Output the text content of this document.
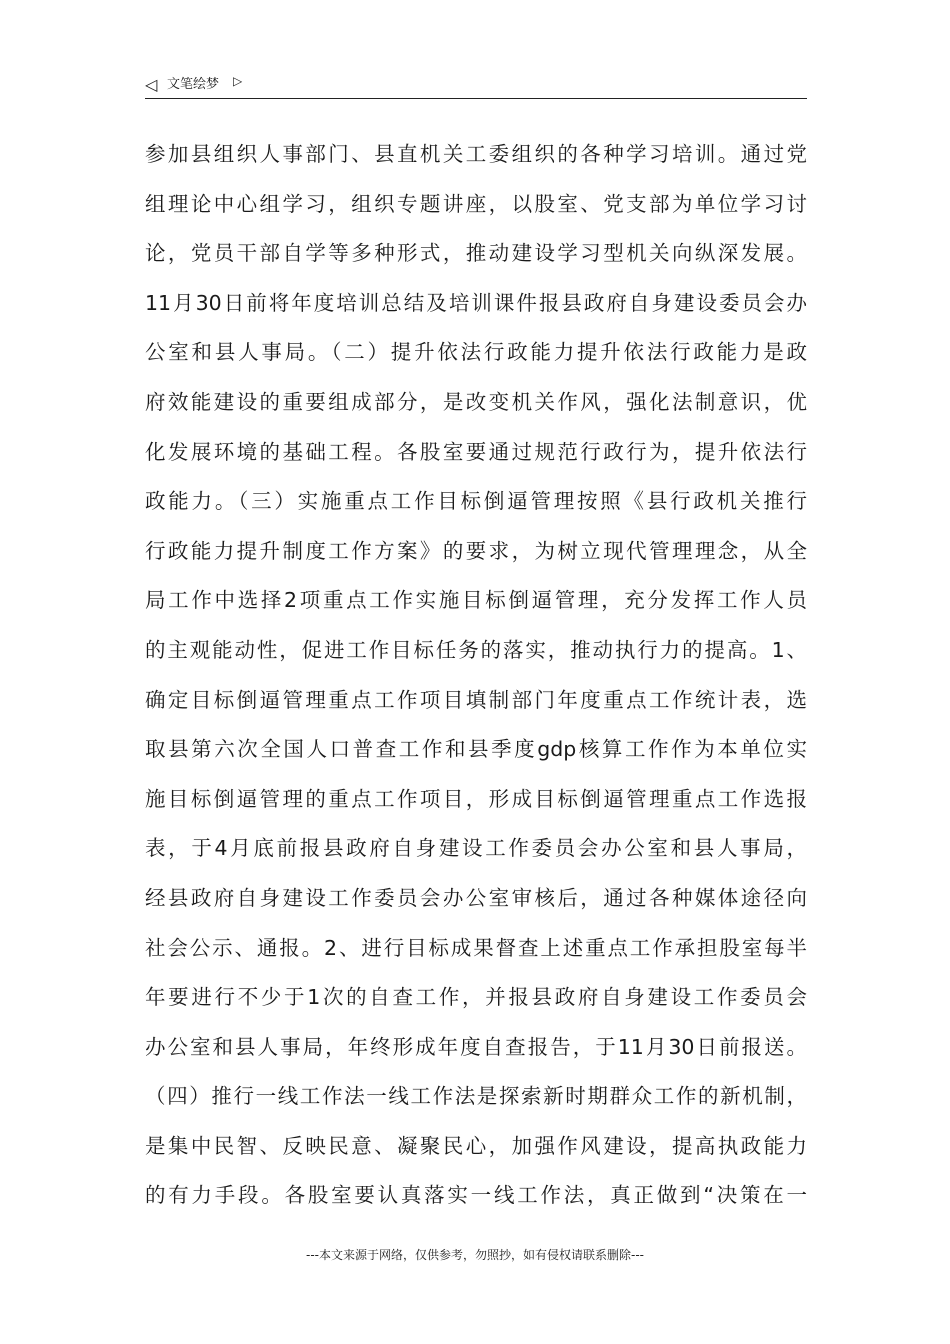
◁ 文笔绘梦 ▷
参加县组织人事部门、县直机关工委组织的各种学习培训。通过党
组理论中心组学习，组织专题讲座，以股室、党支部为单位学习讨
论，党员干部自学等多种形式，推动建设学习型机关向纵深发展。
11月30日前将年度培训总结及培训课件报县政府自身建设委员会办
公室和县人事局。（二）提升依法行政能力提升依法行政能力是政
府效能建设的重要组成部分，是改变机关作风，强化法制意识，优
化发展环境的基础工程。各股室要通过规范行政行为，提升依法行
政能力。（三）实施重点工作目标倒逼管理按照《县行政机关推行
行政能力提升制度工作方案》的要求，为树立现代管理理念，从全
局工作中选择2项重点工作实施目标倒逼管理，充分发挥工作人员
的主观能动性，促进工作目标任务的落实，推动执行力的提高。1、
确定目标倒逼管理重点工作项目填制部门年度重点工作统计表，选
取县第六次全国人口普查工作和县季度gdp核算工作作为本单位实
施目标倒逼管理的重点工作项目，形成目标倒逼管理重点工作选报
表，于4月底前报县政府自身建设工作委员会办公室和县人事局，
经县政府自身建设工作委员会办公室审核后，通过各种媒体途径向
社会公示、通报。2、进行目标成果督查上述重点工作承担股室每半
年要进行不少于1次的自查工作，并报县政府自身建设工作委员会
办公室和县人事局，年终形成年度自查报告，于11月30日前报送。
（四）推行一线工作法一线工作法是探索新时期群众工作的新机制，
是集中民智、反映民意、凝聚民心，加强作风建设，提高执政能力
的有力手段。各股室要认真落实一线工作法，真正做到“决策在一
---本文来源于网络，仅供参考，勿照抄，如有侵权请联系删除---
